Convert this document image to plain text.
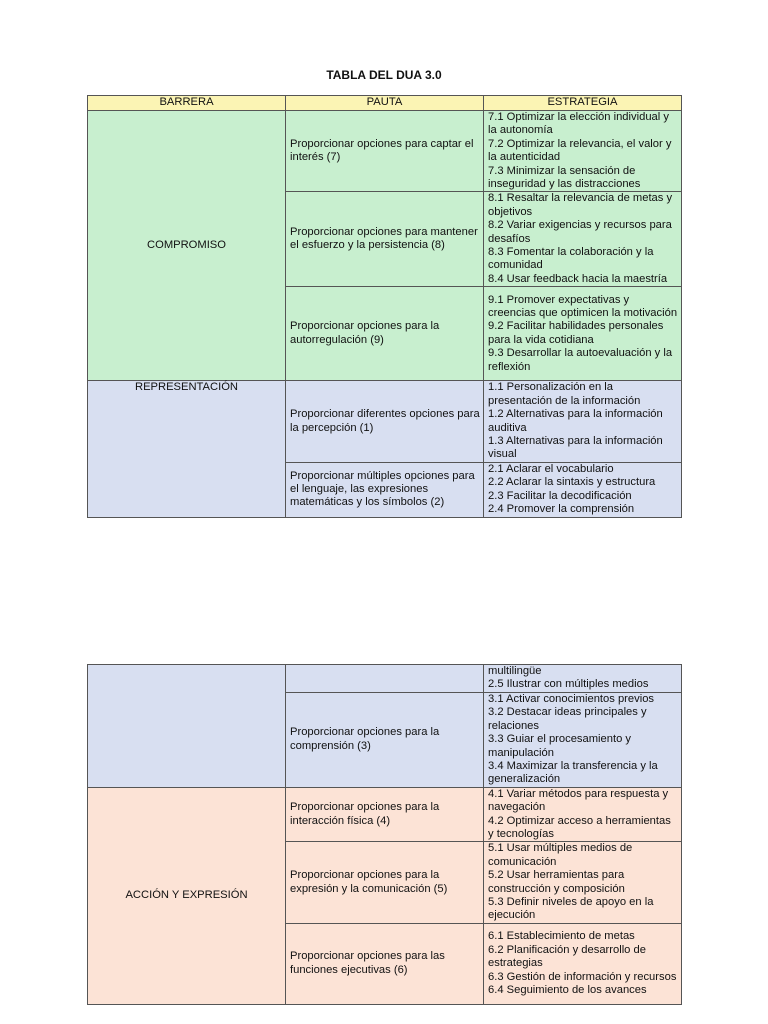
TABLA DEL DUA 3.0
BARRERA	PAUTA	ESTRATEGIA
COMPROMISO	Proporcionar opciones para captar el interés (7)	7.1 Optimizar la elección individual y la autonomía
7.2 Optimizar la relevancia, el valor y la autenticidad
7.3 Minimizar la sensación de inseguridad y las distracciones

	Proporcionar opciones para mantener el esfuerzo y la persistencia (8)	8.1 Resaltar la relevancia de metas y objetivos
8.2 Variar exigencias y recursos para desafíos
8.3 Fomentar la colaboración y la comunidad
8.4 Usar feedback hacia la maestría

	Proporcionar opciones para la autorregulación (9)	9.1 Promover expectativas y creencias que optimicen la motivación
9.2 Facilitar habilidades personales para la vida cotidiana
9.3 Desarrollar la autoevaluación y la reflexión

REPRESENTACIÓN	Proporcionar diferentes opciones para la percepción (1)	1.1 Personalización en la presentación de la información
1.2 Alternativas para la información auditiva
1.3 Alternativas para la información visual

	Proporcionar múltiples opciones para el lenguaje, las expresiones matemáticas y los símbolos (2)	2.1 Aclarar el vocabulario
2.2 Aclarar la sintaxis y estructura
2.3 Facilitar la decodificación
2.4 Promover la comprensión

		multilingüe
2.5 Ilustrar con múltiples medios

	Proporcionar opciones para la comprensión (3)	3.1 Activar conocimientos previos
3.2 Destacar ideas principales y relaciones
3.3 Guiar el procesamiento y manipulación
3.4 Maximizar la transferencia y la generalización

ACCIÓN Y EXPRESIÓN	Proporcionar opciones para la interacción física (4)	4.1 Variar métodos para respuesta y navegación
4.2 Optimizar acceso a herramientas y tecnologías

	Proporcionar opciones para la expresión y la comunicación (5)	5.1 Usar múltiples medios de comunicación
5.2 Usar herramientas para construcción y composición
5.3 Definir niveles de apoyo en la ejecución

	Proporcionar opciones para las funciones ejecutivas (6)	6.1 Establecimiento de metas
6.2 Planificación y desarrollo de estrategias
6.3 Gestión de información y recursos
6.4 Seguimiento de los avances
